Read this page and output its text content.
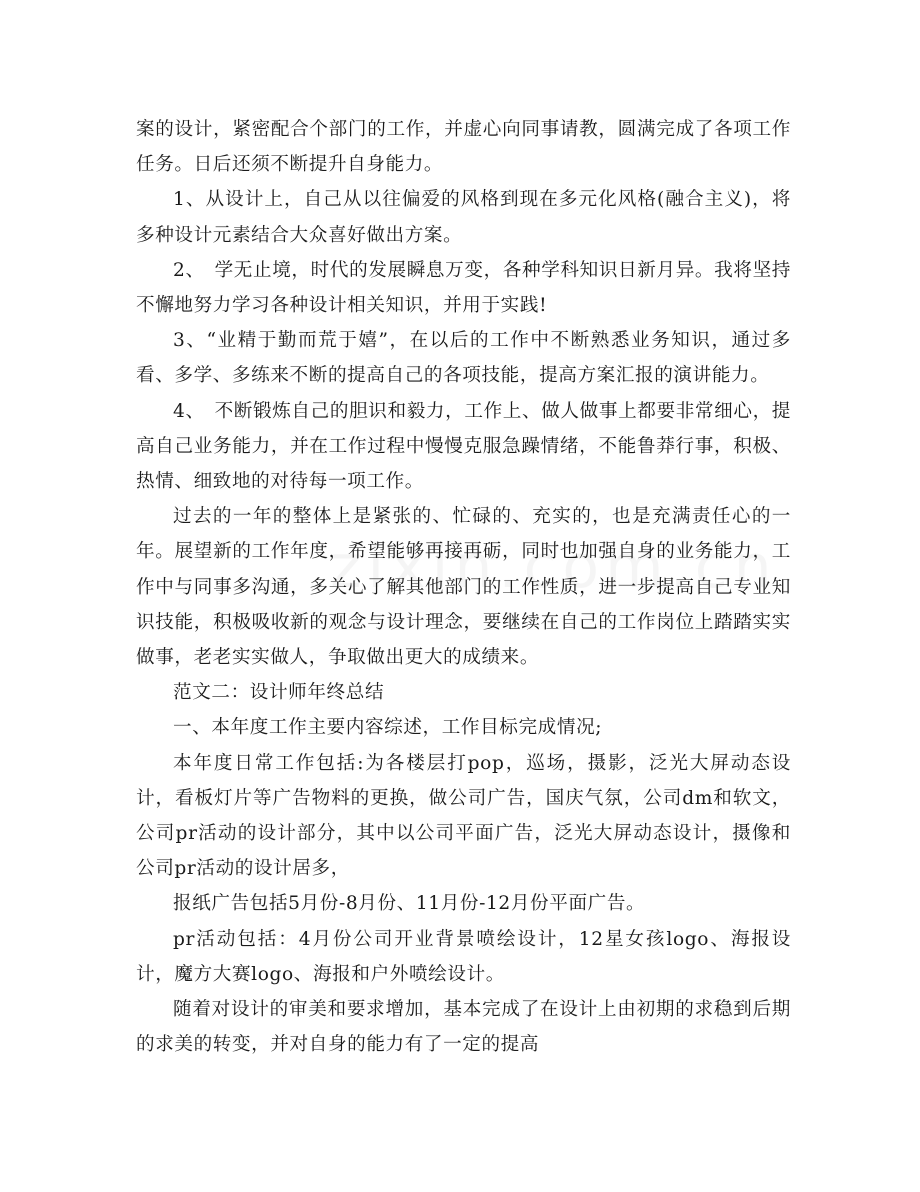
案的设计，紧密配合个部门的工作，并虚心向同事请教，圆满完成了各项工作任务。日后还须不断提升自身能力。

1、从设计上，自己从以往偏爱的风格到现在多元化风格(融合主义)，将多种设计元素结合大众喜好做出方案。

2、　学无止境，时代的发展瞬息万变，各种学科知识日新月异。我将坚持不懈地努力学习各种设计相关知识，并用于实践!

3、“业精于勤而荒于嬉”，在以后的工作中不断熟悉业务知识，通过多看、多学、多练来不断的提高自己的各项技能，提高方案汇报的演讲能力。

4、　不断锻炼自己的胆识和毅力，工作上、做人做事上都要非常细心，提高自己业务能力，并在工作过程中慢慢克服急躁情绪，不能鲁莽行事，积极、热情、细致地的对待每一项工作。

过去的一年的整体上是紧张的、忙碌的、充实的，也是充满责任心的一年。展望新的工作年度，希望能够再接再砺，同时也加强自身的业务能力，工作中与同事多沟通，多关心了解其他部门的工作性质，进一步提高自己专业知识技能，积极吸收新的观念与设计理念，要继续在自己的工作岗位上踏踏实实做事，老老实实做人，争取做出更大的成绩来。

范文二：设计师年终总结

一、本年度工作主要内容综述，工作目标完成情况;

本年度日常工作包括:为各楼层打pop，巡场，摄影，泛光大屏动态设计，看板灯片等广告物料的更换，做公司广告，国庆气氛，公司dm和软文，公司pr活动的设计部分，其中以公司平面广告，泛光大屏动态设计，摄像和公司pr活动的设计居多，

报纸广告包括5月份-8月份、11月份-12月份平面广告。

pr活动包括：4月份公司开业背景喷绘设计，12星女孩logo、海报设计，魔方大赛logo、海报和户外喷绘设计。

随着对设计的审美和要求增加，基本完成了在设计上由初期的求稳到后期的求美的转变，并对自身的能力有了一定的提高
